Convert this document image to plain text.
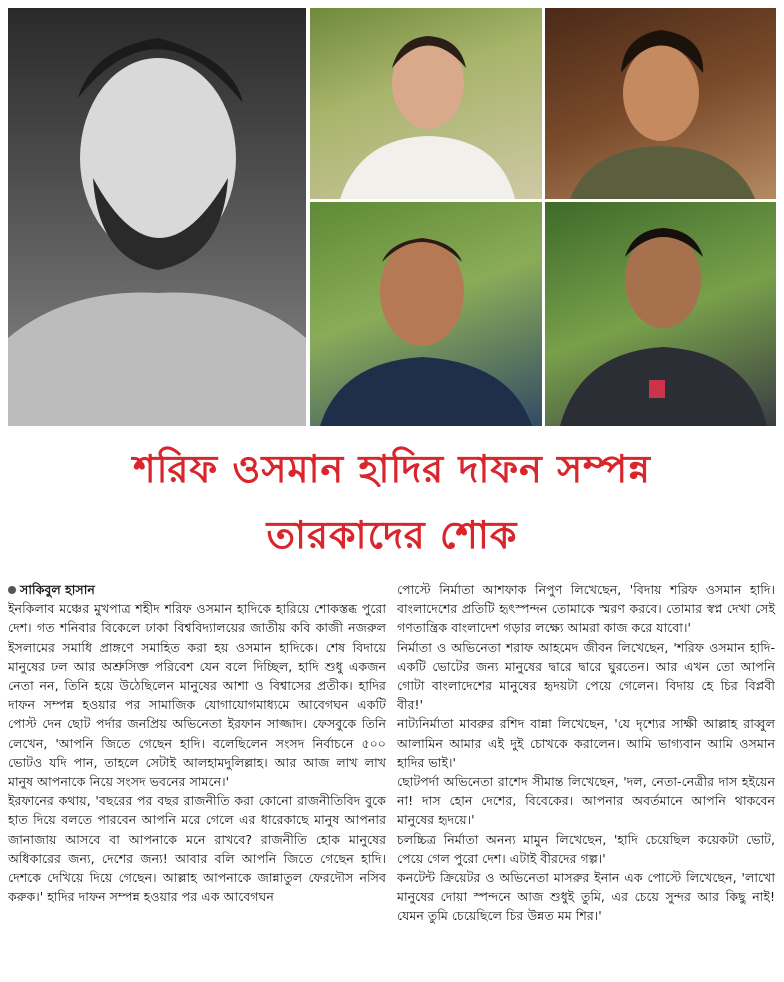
শরিফ ওসমান হাদির দাফন সম্পন্ন
তারকাদের শোক
সাকিবুল হাসান

ইনকিলাব মঞ্চের মুখপাত্র শহীদ শরিফ ওসমান হাদিকে হারিয়ে শোকস্তব্ধ পুরো দেশ। গত শনিবার বিকেলে ঢাকা বিশ্ববিদ্যালয়ের জাতীয় কবি কাজী নজরুল ইসলামের সমাধি প্রাঙ্গণে সমাহিত করা হয় ওসমান হাদিকে। শেষ বিদায়ে মানুষের ঢল আর অশ্রুসিক্ত পরিবেশ যেন বলে দিচ্ছিল, হাদি শুধু একজন নেতা নন, তিনি হয়ে উঠেছিলেন মানুষের আশা ও বিশ্বাসের প্রতীক। হাদির দাফন সম্পন্ন হওয়ার পর সামাজিক যোগাযোগমাধ্যমে আবেগঘন একটি পোস্ট দেন ছোট পর্দার জনপ্রিয় অভিনেতা ইরফান সাজ্জাদ। ফেসবুকে তিনি লেখেন, 'আপনি জিতে গেছেন হাদি। বলেছিলেন সংসদ নির্বাচনে ৫০০ ভোটও যদি পান, তাহলে সেটাই আলহামদুলিল্লাহ। আর আজ লাখ লাখ মানুষ আপনাকে নিয়ে সংসদ ভবনের সামনে।'

ইরফানের কথায়, 'বছরের পর বছর রাজনীতি করা কোনো রাজনীতিবিদ বুকে হাত দিয়ে বলতে পারবেন আপনি মরে গেলে এর ধারেকাছে মানুষ আপনার জানাজায় আসবে বা আপনাকে মনে রাখবে? রাজনীতি হোক মানুষের অধিকারের জন্য, দেশের জন্য! আবার বলি আপনি জিতে গেছেন হাদি। দেশকে দেখিয়ে দিয়ে গেছেন। আল্লাহ আপনাকে জান্নাতুল ফেরদৌস নসিব করুক।' হাদির দাফন সম্পন্ন হওয়ার পর এক আবেগঘন

পোস্টে নির্মাতা আশফাক নিপুণ লিখেছেন, 'বিদায় শরিফ ওসমান হাদি। বাংলাদেশের প্রতিটি হৃৎস্পন্দন তোমাকে স্মরণ করবে। তোমার স্বপ্ন দেখা সেই গণতান্ত্রিক বাংলাদেশ গড়ার লক্ষ্যে আমরা কাজ করে যাবো।'

নির্মাতা ও অভিনেতা শরাফ আহমেদ জীবন লিখেছেন, 'শরিফ ওসমান হাদি- একটি ভোটের জন্য মানুষের দ্বারে দ্বারে ঘুরতেন। আর এখন তো আপনি গোটা বাংলাদেশের মানুষের হৃদয়টা পেয়ে গেলেন। বিদায় হে চির বিপ্লবী বীর!'

নাট্যনির্মাতা মাবরুর রশিদ বান্না লিখেছেন, 'যে দৃশ্যের সাক্ষী আল্লাহ রাব্বুল আলামিন আমার এই দুই চোখকে করালেন। আমি ভাগ্যবান আমি ওসমান হাদির ভাই।'

ছোটপর্দা অভিনেতা রাশেদ সীমান্ত লিখেছেন, 'দল, নেতা-নেত্রীর দাস হইয়েন না! দাস হোন দেশের, বিবেকের। আপনার অবর্তমানে আপনি থাকবেন মানুষের হৃদয়ে।'

চলচ্চিত্র নির্মাতা অনন্য মামুন লিখেছেন, 'হাদি চেয়েছিল কয়েকটা ভোট, পেয়ে গেল পুরো দেশ। এটাই বীরদের গল্প।'

কনটেন্ট ক্রিয়েটর ও অভিনেতা মাসরুর ইনান এক পোস্টে লিখেছেন, 'লাখো মানুষের দোয়া স্পন্দনে আজ শুধুই তুমি, এর চেয়ে সুন্দর আর কিছু নাই! যেমন তুমি চেয়েছিলে চির উন্নত মম শির।'
